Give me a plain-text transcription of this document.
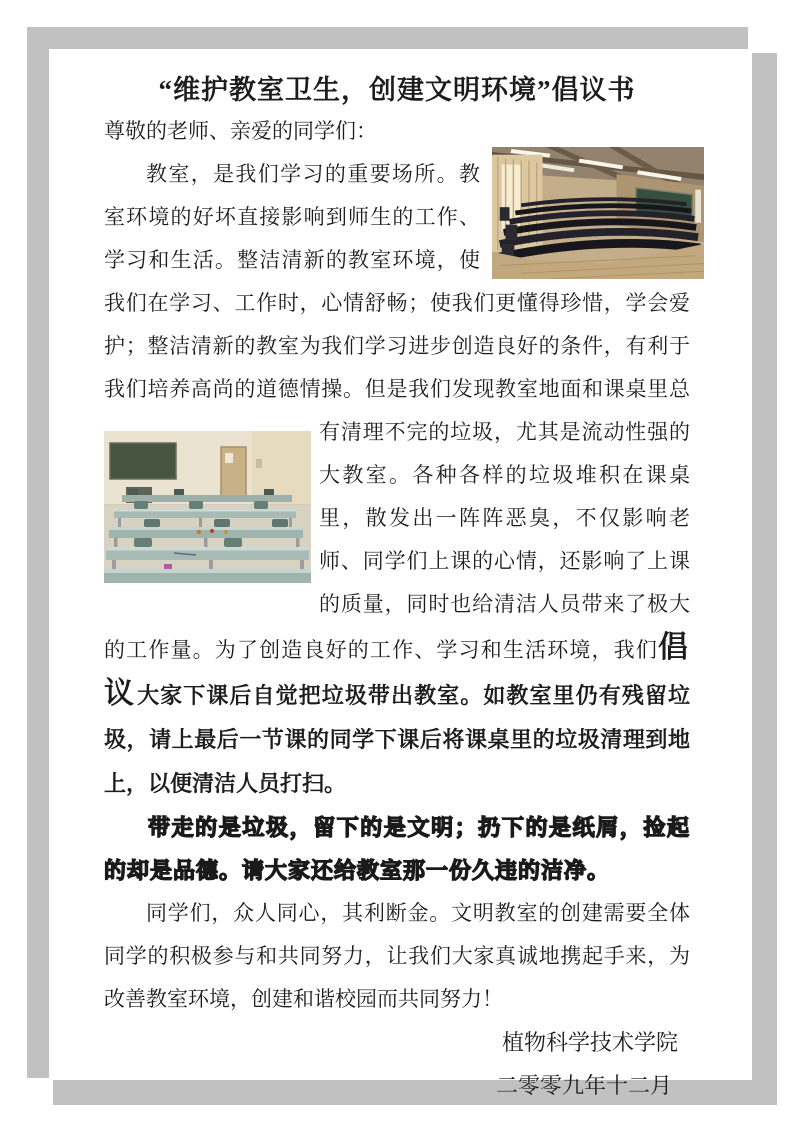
“维护教室卫生，创建文明环境”倡议书

尊敬的老师、亲爱的同学们：

教室，是我们学习的重要场所。教室环境的好坏直接影响到师生的工作、学习和生活。整洁清新的教室环境，使我们在学习、工作时，心情舒畅；使我们更懂得珍惜，学会爱护；整洁清新的教室为我们学习进步创造良好的条件，有利于我们培养高尚的道德情操。但是我们发现教室地面和课桌里总有清理不
完的垃圾，尤其是流动性强的大教室。各种各样的垃圾堆积在课桌里，散发出一阵阵恶臭，不仅影响老师、同学们上课的心情，还影响了上课的质量，同时也给清洁人员带来了极大的工作量。为了创造良好的工作、学习和生活环境，我们倡议大家下课后自觉把垃圾带出教室。如教室里仍有残留垃圾，请上最后一节课的同学下课后将课桌里的垃圾清理到地上，以便清洁人员打扫。

带走的是垃圾，留下的是文明；扔下的是纸屑，捡起的却是品德。请大家还给教室那一份久违的洁净。

同学们，众人同心，其利断金。文明教室的创建需要全体同学的积极参与和共同努力，让我们大家真诚地携起手来，为改善教室环境，创建和谐校园而共同努力！

植物科学技术学院
二零零九年十二月
